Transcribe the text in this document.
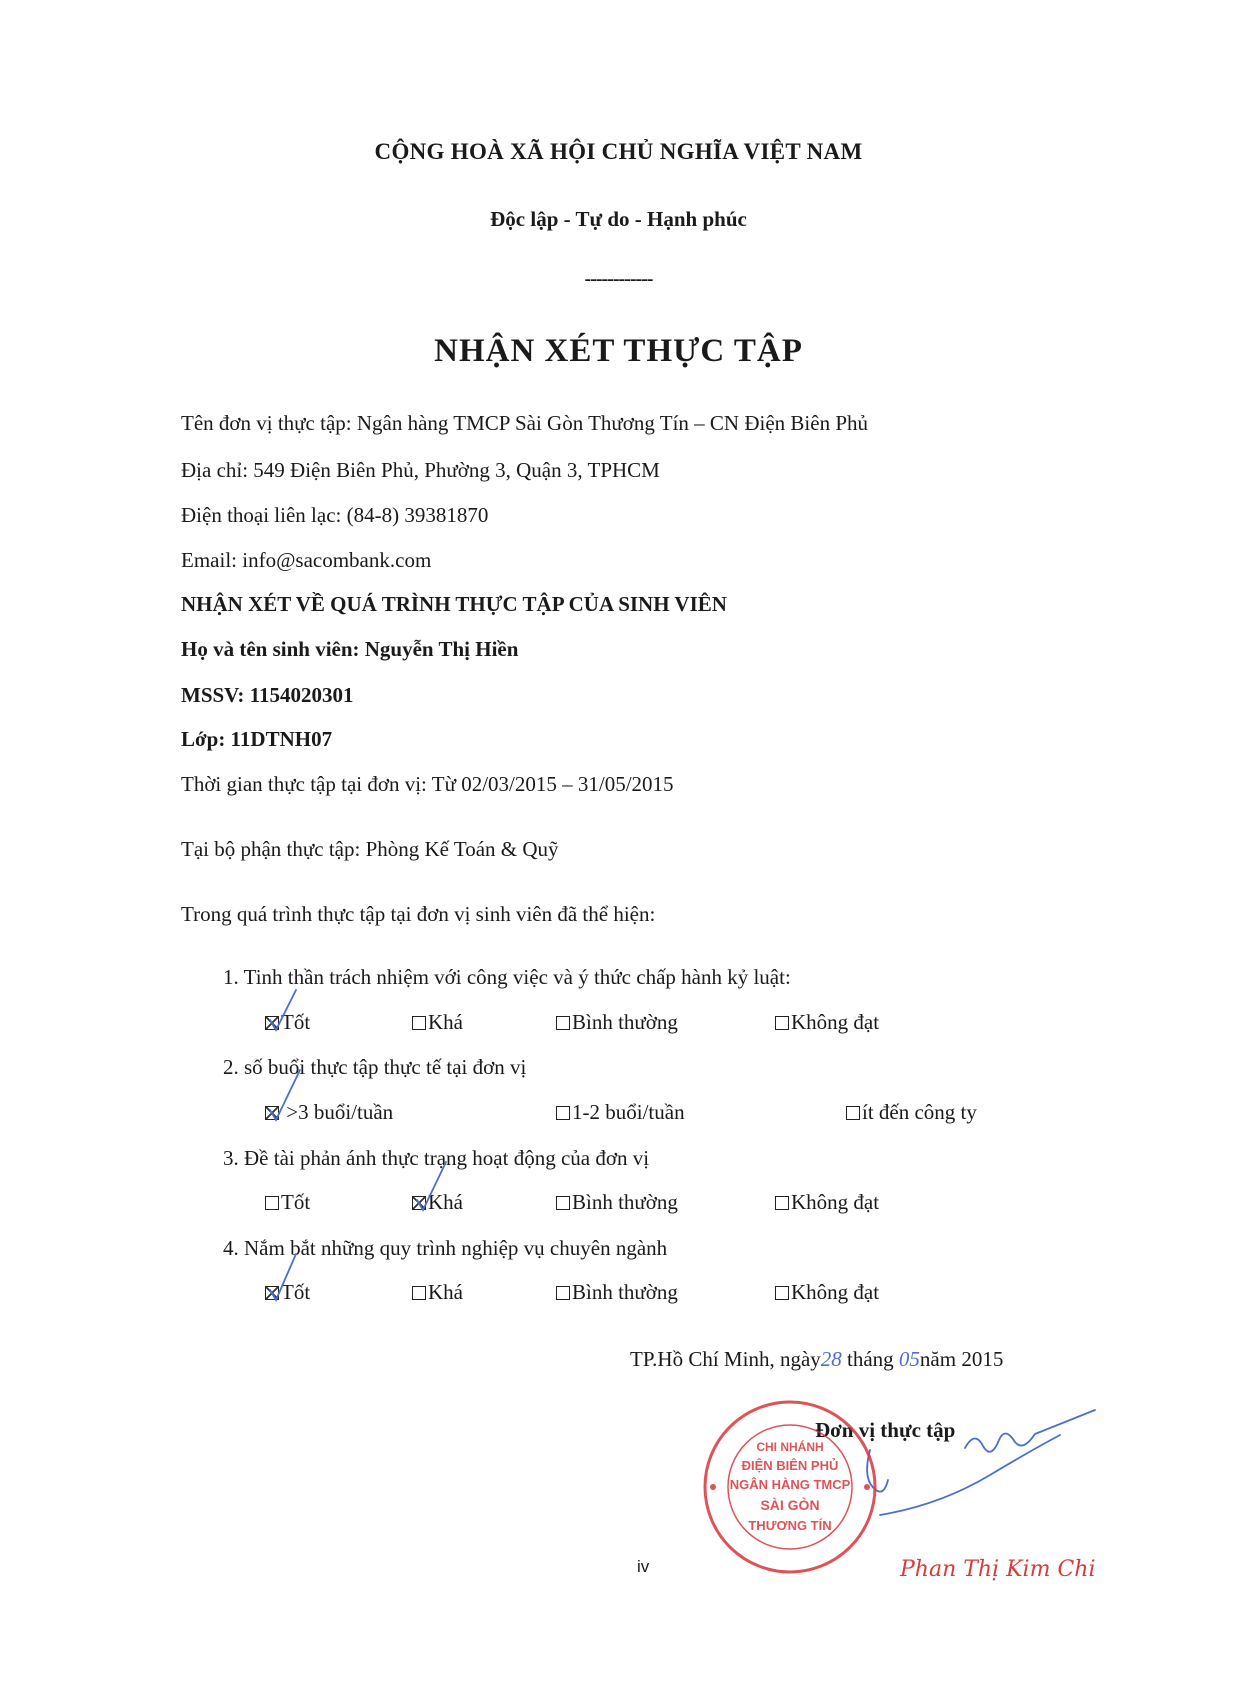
CỘNG HOÀ XÃ HỘI CHỦ NGHĨA VIỆT NAM
Độc lập - Tự do - Hạnh phúc
------------
NHẬN XÉT THỰC TẬP
Tên đơn vị thực tập: Ngân hàng TMCP Sài Gòn Thương Tín – CN Điện Biên Phủ
Địa chỉ: 549 Điện Biên Phủ, Phường 3, Quận 3, TPHCM
Điện thoại liên lạc: (84-8) 39381870
Email: info@sacombank.com
NHẬN XÉT VỀ QUÁ TRÌNH THỰC TẬP CỦA SINH VIÊN
Họ và tên sinh viên: Nguyễn Thị Hiền
MSSV: 1154020301
Lớp: 11DTNH07
Thời gian thực tập tại đơn vị: Từ 02/03/2015 – 31/05/2015
Tại bộ phận thực tập: Phòng Kế Toán & Quỹ
Trong quá trình thực tập tại đơn vị sinh viên đã thể hiện:
1. Tinh thần trách nhiệm với công việc và ý thức chấp hành kỷ luật:
Tốt	Khá	Bình thường	Không đạt
2. số buổi thực tập thực tế tại đơn vị
>3 buổi/tuần	1-2 buổi/tuần	ít đến công ty
3. Đề tài phản ánh thực trạng hoạt động của đơn vị
Tốt	Khá	Bình thường	Không đạt
4. Nắm bắt những quy trình nghiệp vụ chuyên ngành
Tốt	Khá	Bình thường	Không đạt
TP.Hồ Chí Minh, ngày28 tháng 05năm 2015
Đơn vị thực tập
CHI NHÁNH
ĐIỆN BIÊN PHỦ
NGÂN HÀNG TMCP
SÀI GÒN
THƯƠNG TÍN
Phan Thị Kim Chi
iv
